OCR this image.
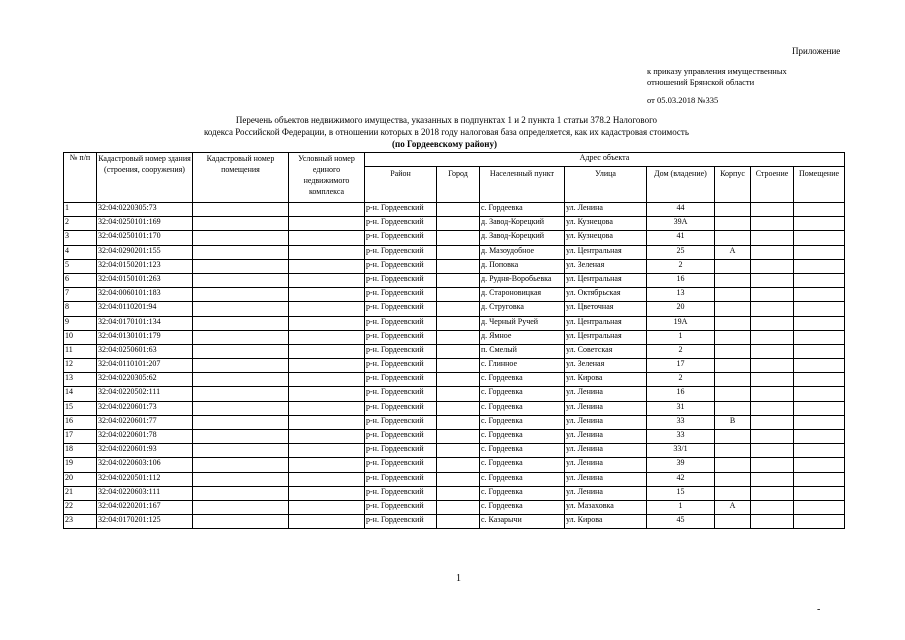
Приложение
к приказу управления имущественных
отношений Брянской области
от 05.03.2018 №335
Перечень объектов недвижимого имущества, указанных в подпунктах 1 и 2 пункта 1 статьи 378.2 Налогового
кодекса Российской Федерации, в отношении которых в 2018 году налоговая база определяется, как их кадастровая стоимость
(по Гордеевскому району)
№ п/п	Кадастровый номер здания (строения, сооружения)	Кадастровый номер помещения	Условный номер единого недвижимого комплекса	Адрес объекта							
				Район	Город	Населенный пункт	Улица	Дом (владение)	Корпус	Строение	Помещение
1	32:04:0220305:73			р-н. Гордеевский		с. Гордеевка	ул. Ленина	44			
2	32:04:0250101:169			р-н. Гордеевский		д. Завод-Корецкий	ул. Кузнецова	39А			
3	32:04:0250101:170			р-н. Гордеевский		д. Завод-Корецкий	ул. Кузнецова	41			
4	32:04:0290201:155			р-н. Гордеевский		д. Мазоудобное	ул. Центральная	25	А		
5	32:04:0150201:123			р-н. Гордеевский		д. Поповка	ул. Зеленая	2			
6	32:04:0150101:263			р-н. Гордеевский		д. Рудня-Воробьевка	ул. Центральная	16			
7	32:04:0060101:183			р-н. Гордеевский		д. Староновицкая	ул. Октябрьская	13			
8	32:04:0110201:94			р-н. Гордеевский		д. Струговка	ул. Цветочная	20			
9	32:04:0170101:134			р-н. Гордеевский		д. Черный Ручей	ул. Центральная	19А			
10	32:04:0130101:179			р-н. Гордеевский		д. Ямное	ул. Центральная	1			
11	32:04:0250601:63			р-н. Гордеевский		п. Смелый	ул. Советская	2			
12	32:04:0110101:207			р-н. Гордеевский		с. Глинное	ул. Зеленая	17			
13	32:04:0220305:62			р-н. Гордеевский		с. Гордеевка	ул. Кирова	2			
14	32:04:0220502:111			р-н. Гордеевский		с. Гордеевка	ул. Ленина	16			
15	32:04:0220601:73			р-н. Гордеевский		с. Гордеевка	ул. Ленина	31			
16	32:04:0220601:77			р-н. Гордеевский		с. Гордеевка	ул. Ленина	33	В		
17	32:04:0220601:78			р-н. Гордеевский		с. Гордеевка	ул. Ленина	33			
18	32:04:0220601:93			р-н. Гордеевский		с. Гордеевка	ул. Ленина	33/1			
19	32:04:0220603:106			р-н. Гордеевский		с. Гордеевка	ул. Ленина	39			
20	32:04:0220501:112			р-н. Гордеевский		с. Гордеевка	ул. Ленина	42			
21	32:04:0220603:111			р-н. Гордеевский		с. Гордеевка	ул. Ленина	15			
22	32:04:0220201:167			р-н. Гордеевский		с. Гордеевка	ул. Мазаховка	1	А		
23	32:04:0170201:125			р-н. Гордеевский		с. Казарычи	ул. Кирова	45			
1
-
